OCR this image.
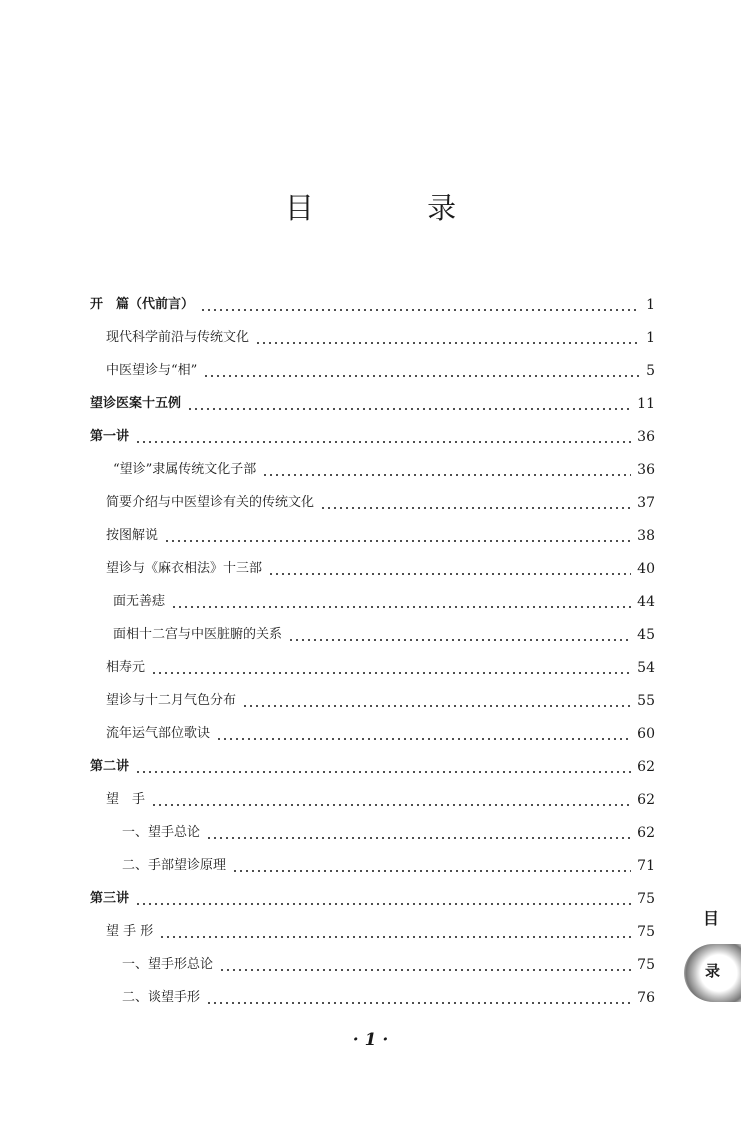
目 录
开　篇（代前言）	1
现代科学前沿与传统文化	1
中医望诊与“相”	5
望诊医案十五例	11
第一讲	36
“望诊”隶属传统文化子部	36
简要介绍与中医望诊有关的传统文化	37
按图解说	38
望诊与《麻衣相法》十三部	40
面无善痣	44
面相十二宫与中医脏腑的关系	45
相寿元	54
望诊与十二月气色分布	55
流年运气部位歌诀	60
第二讲	62
望　手	62
一、望手总论	62
二、手部望诊原理	71
第三讲	75
望 手 形	75
一、望手形总论	75
二、谈望手形	76
· 1 ·
目
录
